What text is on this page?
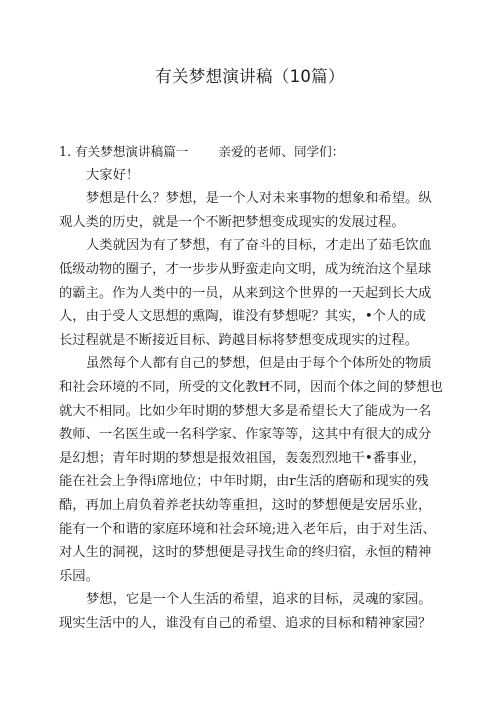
有关梦想演讲稿（10篇）
1. 有关梦想演讲稿篇一 亲爱的老师、同学们：
大家好！
梦想是什么？梦想，是一个人对未来事物的想象和希望。纵
观人类的历史，就是一个不断把梦想变成现实的发展过程。
人类就因为有了梦想，有了奋斗的目标，才走出了茹毛饮血
低级动物的圈子，才一步步从野蛮走向文明，成为统治这个星球
的霸主。作为人类中的一员，从来到这个世界的一天起到长大成
人，由于受人文思想的熏陶，谁没有梦想呢？其实，•个人的成
长过程就是不断接近目标、跨越目标将梦想变成现实的过程。
虽然每个人都有自己的梦想，但是由于每个个体所处的物质
和社会环境的不同，所受的文化教Ħ不同，因而个体之间的梦想也
就大不相同。比如少年时期的梦想大多是希望长大了能成为一名
教师、一名医生或一名科学家、作家等等，这其中有很大的成分
是幻想；青年时期的梦想是报效祖国，轰轰烈烈地干•番事业，
能在社会上争得i席地位；中年时期，由r生活的磨砺和现实的残
酷，再加上肩负着养老扶幼等重担，这时的梦想便是安居乐业，
能有一个和谐的家庭环境和社会环境;进入老年后，由于对生活、
对人生的洞视，这时的梦想便是寻找生命的终归宿，永恒的精神
乐园。
梦想，它是一个人生活的希望，追求的目标，灵魂的家园。
现实生活中的人，谁没有自己的希望、追求的目标和精神家园？
